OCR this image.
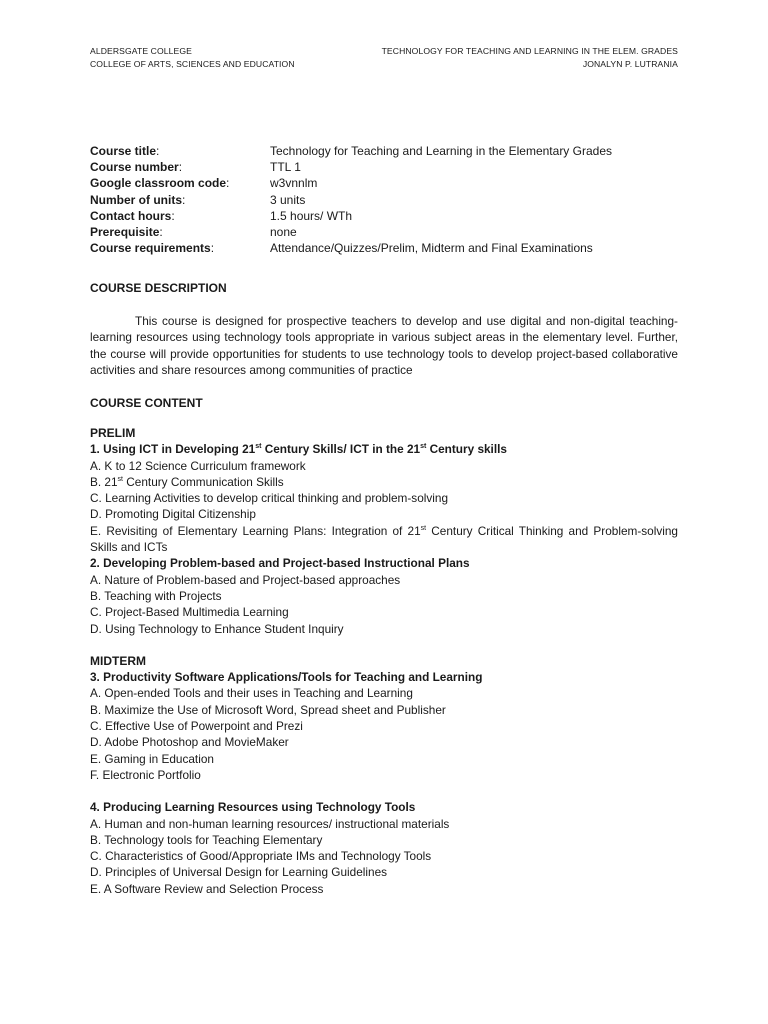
ALDERSGATE COLLEGE
COLLEGE OF ARTS, SCIENCES AND EDUCATION
TECHNOLOGY FOR TEACHING AND LEARNING IN THE ELEM. GRADES
JONALYN P. LUTRANIA
Course title:	Technology for Teaching and Learning in the Elementary Grades
Course number:	TTL 1
Google classroom code:	w3vnnlm
Number of units:	3 units
Contact hours:	1.5 hours/ WTh
Prerequisite:	none
Course requirements:	Attendance/Quizzes/Prelim, Midterm and Final Examinations
COURSE DESCRIPTION
This course is designed for prospective teachers to develop and use digital and non-digital teaching-learning resources using technology tools appropriate in various subject areas in the elementary level. Further, the course will provide opportunities for students to use technology tools to develop project-based collaborative activities and share resources among communities of practice
COURSE CONTENT
PRELIM
1. Using ICT in Developing 21st Century Skills/ ICT in the 21st Century skills
A. K to 12 Science Curriculum framework
B. 21st Century Communication Skills
C. Learning Activities to develop critical thinking and problem-solving
D. Promoting Digital Citizenship
E. Revisiting of Elementary Learning Plans: Integration of 21st Century Critical Thinking and Problem-solving Skills and ICTs
2. Developing Problem-based and Project-based Instructional Plans
A. Nature of Problem-based and Project-based approaches
B. Teaching with Projects
C. Project-Based Multimedia Learning
D. Using Technology to Enhance Student Inquiry
MIDTERM
3. Productivity Software Applications/Tools for Teaching and Learning
A. Open-ended Tools and their uses in Teaching and Learning
B. Maximize the Use of Microsoft Word, Spread sheet and Publisher
C. Effective Use of Powerpoint and Prezi
D. Adobe Photoshop and MovieMaker
E. Gaming in Education
F. Electronic Portfolio
4. Producing Learning Resources using Technology Tools
A. Human and non-human learning resources/ instructional materials
B. Technology tools for Teaching Elementary
C. Characteristics of Good/Appropriate IMs and Technology Tools
D. Principles of Universal Design for Learning Guidelines
E. A Software Review and Selection Process
